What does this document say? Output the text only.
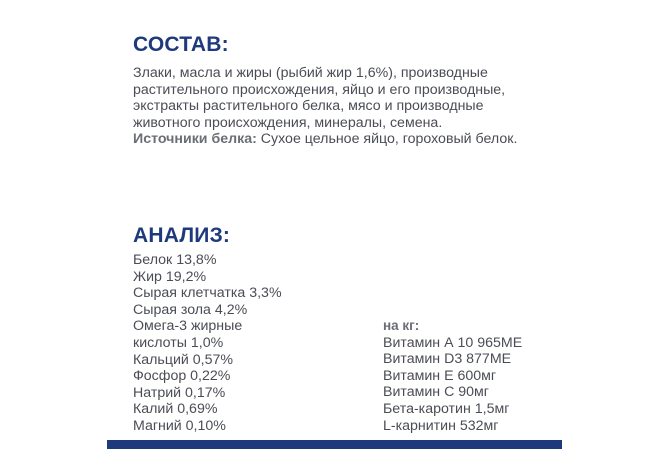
СОСТАВ:
Злаки, масла и жиры (рыбий жир 1,6%), производные
растительного происхождения, яйцо и его производные,
экстракты растительного белка, мясо и производные
животного происхождения, минералы, семена.
Источники белка: Сухое цельное яйцо, гороховый белок.
АНАЛИЗ:
Белок 13,8%
Жир 19,2%
Сырая клетчатка 3,3%
Сырая зола 4,2%
Омега-3 жирные
кислоты 1,0%
Кальций 0,57%
Фосфор 0,22%
Натрий 0,17%
Калий 0,69%
Магний 0,10%
на кг:
Витамин А 10 965МЕ
Витамин D3 877МЕ
Витамин Е 600мг
Витамин С 90мг
Бета-каротин 1,5мг
L-карнитин 532мг
